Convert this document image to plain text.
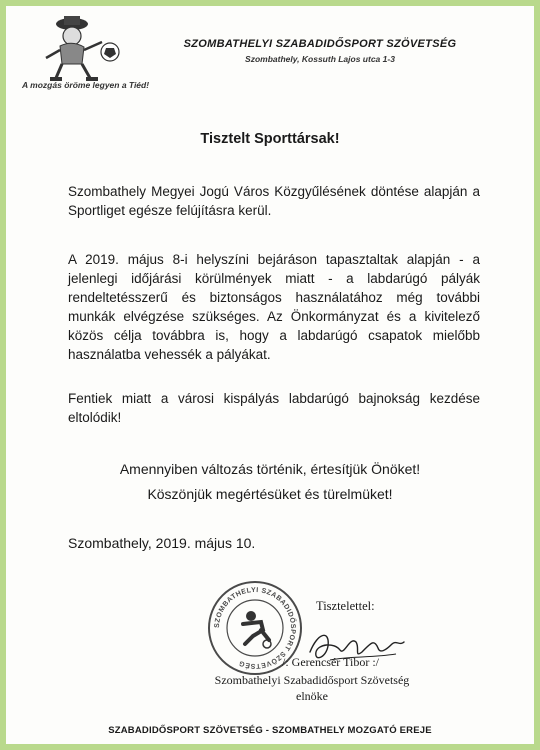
A mozgás öröme legyen a Tiéd!
SZOMBATHELYI SZABADIDŐSPORT SZÖVETSÉG
Szombathely, Kossuth Lajos utca 1-3
Tisztelt Sporttársak!
Szombathely Megyei Jogú Város Közgyűlésének döntése alapján a Sportliget egésze felújításra kerül.
A 2019. május 8-i helyszíni bejáráson tapasztaltak alapján - a jelenlegi időjárási körülmények miatt - a labdarúgó pályák rendeltetésszerű és biztonságos használatához még további munkák elvégzése szükséges. Az Önkormányzat és a kivitelező közös célja továbbra is, hogy a labdarúgó csapatok mielőbb használatba vehessék a pályákat.
Fentiek miatt a városi kispályás labdarúgó bajnokság kezdése eltolódik!
Amennyiben változás történik, értesítjük Önöket!
Köszönjük megértésüket és türelmüket!
Szombathely, 2019. május 10.
SZOMBATHELYI SZABADIDŐSPORT SZÖVETSÉG
Tisztelettel:
/: Gerencsér Tibor :/
Szombathelyi Szabadidősport Szövetség
elnöke
SZABADIDŐSPORT SZÖVETSÉG - SZOMBATHELY MOZGATÓ EREJE
